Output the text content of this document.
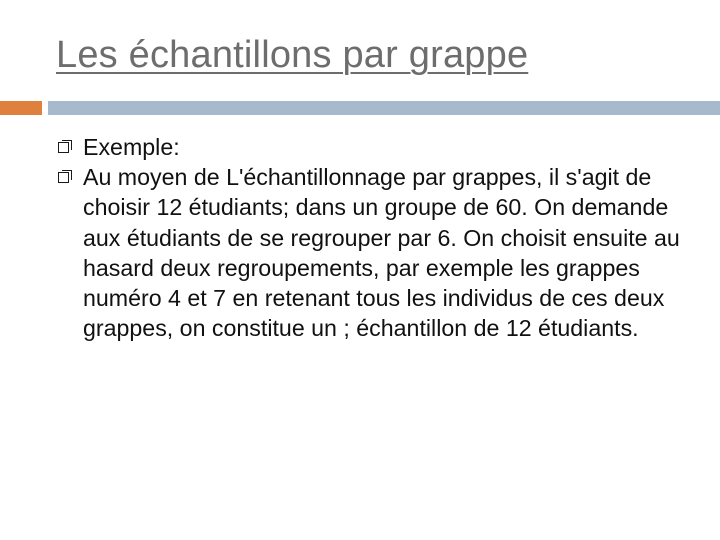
Les échantillons par grappe
Exemple:
Au moyen de L'échantillonnage par grappes, il s'agit de choisir 12 étudiants; dans un groupe de 60. On demande aux étudiants de se regrouper par 6. On choisit ensuite au hasard deux regroupements, par exemple les grappes numéro 4 et 7 en retenant tous les individus de ces deux grappes, on constitue un ; échantillon de 12 étudiants.
